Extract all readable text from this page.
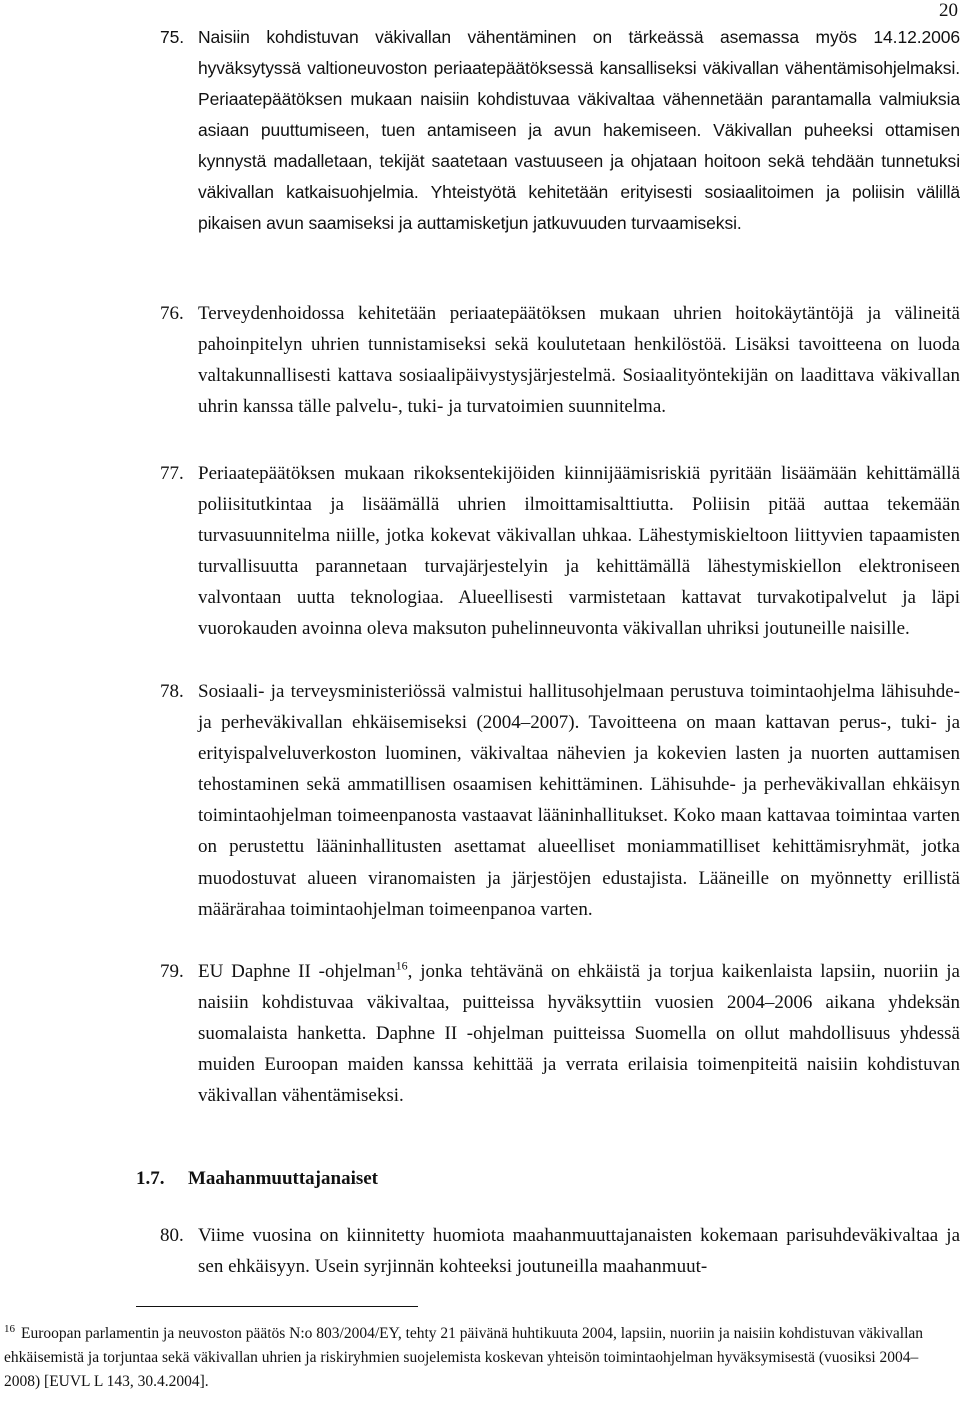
20
75. Naisiin kohdistuvan väkivallan vähentäminen on tärkeässä asemassa myös 14.12.2006 hyväksytyssä valtioneuvoston periaatepäätöksessä kansalliseksi väkivallan vähentämisohjelmaksi. Periaatepäätöksen mukaan naisiin kohdistuvaa väkivaltaa vähennetään parantamalla valmiuksia asiaan puuttumiseen, tuen antamiseen ja avun hakemiseen. Väkivallan puheeksi ottamisen kynnystä madalletaan, tekijät saatetaan vastuuseen ja ohjataan hoitoon sekä tehdään tunnetuksi väkivallan katkaisuohjelmia. Yhteistyötä kehitetään erityisesti sosiaalitoimen ja poliisin välillä pikaisen avun saamiseksi ja auttamisketjun jatkuvuuden turvaamiseksi.
76. Terveydenhoidossa kehitetään periaatepäätöksen mukaan uhrien hoitokäytäntöjä ja välineitä pahoinpitelyn uhrien tunnistamiseksi sekä koulutetaan henkilöstöä. Lisäksi tavoitteena on luoda valtakunnallisesti kattava sosiaalipäivystysjärjestelmä. Sosiaalityöntekijän on laadittava väkivallan uhrin kanssa tälle palvelu-, tuki- ja turvatoimien suunnitelma.
77. Periaatepäätöksen mukaan rikoksentekijöiden kiinnijäämisriskiä pyritään lisäämään kehittämällä poliisitutkintaa ja lisäämällä uhrien ilmoittamisalttiutta. Poliisin pitää auttaa tekemään turvasuunnitelma niille, jotka kokevat väkivallan uhkaa. Lähestymiskieltoon liittyvien tapaamisten turvallisuutta parannetaan turvajärjestelyin ja kehittämällä lähestymiskiellon elektroniseen valvontaan uutta teknologiaa. Alueellisesti varmistetaan kattavat turvakotipalvelut ja läpi vuorokauden avoinna oleva maksuton puhelinneuvonta väkivallan uhriksi joutuneille naisille.
78. Sosiaali- ja terveysministeriössä valmistui hallitusohjelmaan perustuva toimintaohjelma lähisuhde- ja perheväkivallan ehkäisemiseksi (2004–2007). Tavoitteena on maan kattavan perus-, tuki- ja erityispalveluverkoston luominen, väkivaltaa nähevien ja kokevien lasten ja nuorten auttamisen tehostaminen sekä ammatillisen osaamisen kehittäminen. Lähisuhde- ja perheväkivallan ehkäisyn toimintaohjelman toimeenpanosta vastaavat lääninhallitukset. Koko maan kattavaa toimintaa varten on perustettu lääninhallitusten asettamat alueelliset moniammatilliset kehittämisryhmät, jotka muodostuvat alueen viranomaisten ja järjestöjen edustajista. Lääneille on myönnetty erillistä määrärahaa toimintaohjelman toimeenpanoa varten.
79. EU Daphne II -ohjelman$^{16}$, jonka tehtävänä on ehkäistä ja torjua kaikenlaista lapsiin, nuoriin ja naisiin kohdistuvaa väkivaltaa, puitteissa hyväksyttiin vuosien 2004–2006 aikana yhdeksän suomalaista hanketta. Daphne II -ohjelman puitteissa Suomella on ollut mahdollisuus yhdessä muiden Euroopan maiden kanssa kehittää ja verrata erilaisia toimenpiteitä naisiin kohdistuvan väkivallan vähentämiseksi.
1.7. Maahanmuuttajanaiset
80. Viime vuosina on kiinnitetty huomiota maahanmuuttajanaisten kokemaan parisuhdeväkivaltaa ja sen ehkäisyyn. Usein syrjinnän kohteeksi joutuneilla maahanmuut-

$^{16}$ Euroopan parlamentin ja neuvoston päätös N:o 803/2004/EY, tehty 21 päivänä huhtikuuta 2004, lapsiin, nuoriin ja naisiin kohdistuvan väkivallan ehkäisemistä ja torjuntaa sekä väkivallan uhrien ja riskiryhmien suojelemista koskevan yhteisön toimintaohjelman hyväksymisestä (vuosiksi 2004–2008) [EUVL L 143, 30.4.2004].
